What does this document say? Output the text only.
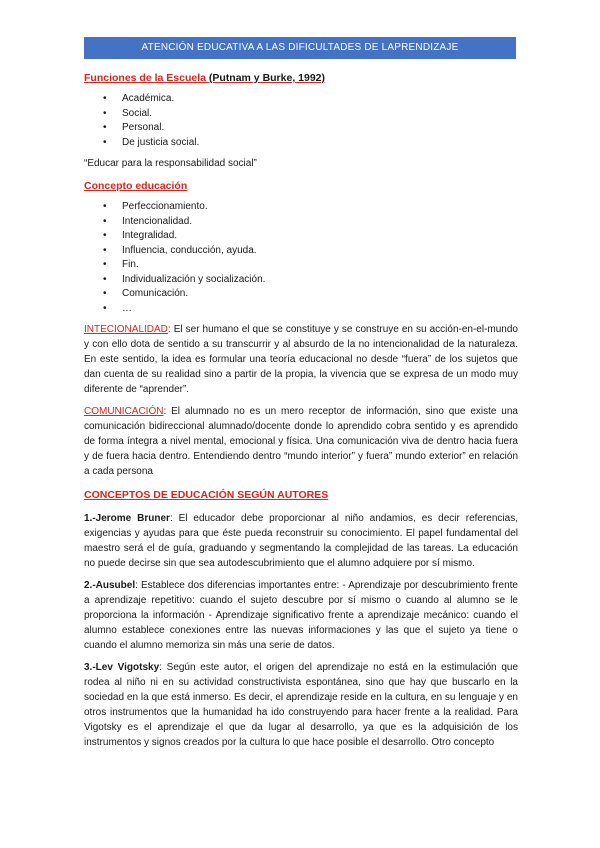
ATENCIÓN EDUCATIVA A LAS DIFICULTADES DE LAPRENDIZAJE

Funciones de la Escuela (Putnam y Burke, 1992)

• Académica.
• Social.
• Personal.
• De justicia social.

“Educar para la responsabilidad social”

Concepto educación

• Perfeccionamiento.
• Intencionalidad.
• Integralidad.
• Influencia, conducción, ayuda.
• Fin.
• Individualización y socialización.
• Comunicación.
• …

INTECIONALIDAD: El ser humano el que se constituye y se construye en su acción-en-el-mundo y con ello dota de sentido a su transcurrir y al absurdo de la no intencionalidad de la naturaleza. En este sentido, la idea es formular una teoría educacional no desde “fuera” de los sujetos que dan cuenta de su realidad sino a partir de la propia, la vivencia que se expresa de un modo muy diferente de “aprender”.

COMUNICACIÓN: El alumnado no es un mero receptor de información, sino que existe una comunicación bidireccional alumnado/docente donde lo aprendido cobra sentido y es aprendido de forma íntegra a nivel mental, emocional y física. Una comunicación viva de dentro hacia fuera y de fuera hacia dentro. Entendiendo dentro “mundo interior” y fuera” mundo exterior” en relación a cada persona

CONCEPTOS DE EDUCACIÓN SEGÚN AUTORES

1.-Jerome Bruner: El educador debe proporcionar al niño andamios, es decir referencias, exigencias y ayudas para que éste pueda reconstruir su conocimiento. El papel fundamental del maestro será el de guía, graduando y segmentando la complejidad de las tareas. La educación no puede decirse sin que sea autodescubrimiento que el alumno adquiere por sí mismo.

2.-Ausubel: Establece dos diferencias importantes entre: - Aprendizaje por descubrimiento frente a aprendizaje repetitivo: cuando el sujeto descubre por sí mismo o cuando al alumno se le proporciona la información - Aprendizaje significativo frente a aprendizaje mecánico: cuando el alumno establece conexiones entre las nuevas informaciones y las que el sujeto ya tiene o cuando el alumno memoriza sin más una serie de datos.

3.-Lev Vigotsky: Según este autor, el origen del aprendizaje no está en la estimulación que rodea al niño ni en su actividad constructivista espontánea, sino que hay que buscarlo en la sociedad en la que está inmerso. Es decir, el aprendizaje reside en la cultura, en su lenguaje y en otros instrumentos que la humanidad ha ido construyendo para hacer frente a la realidad. Para Vigotsky es el aprendizaje el que da lugar al desarrollo, ya que es la adquisición de los instrumentos y signos creados por la cultura lo que hace posible el desarrollo. Otro concepto
